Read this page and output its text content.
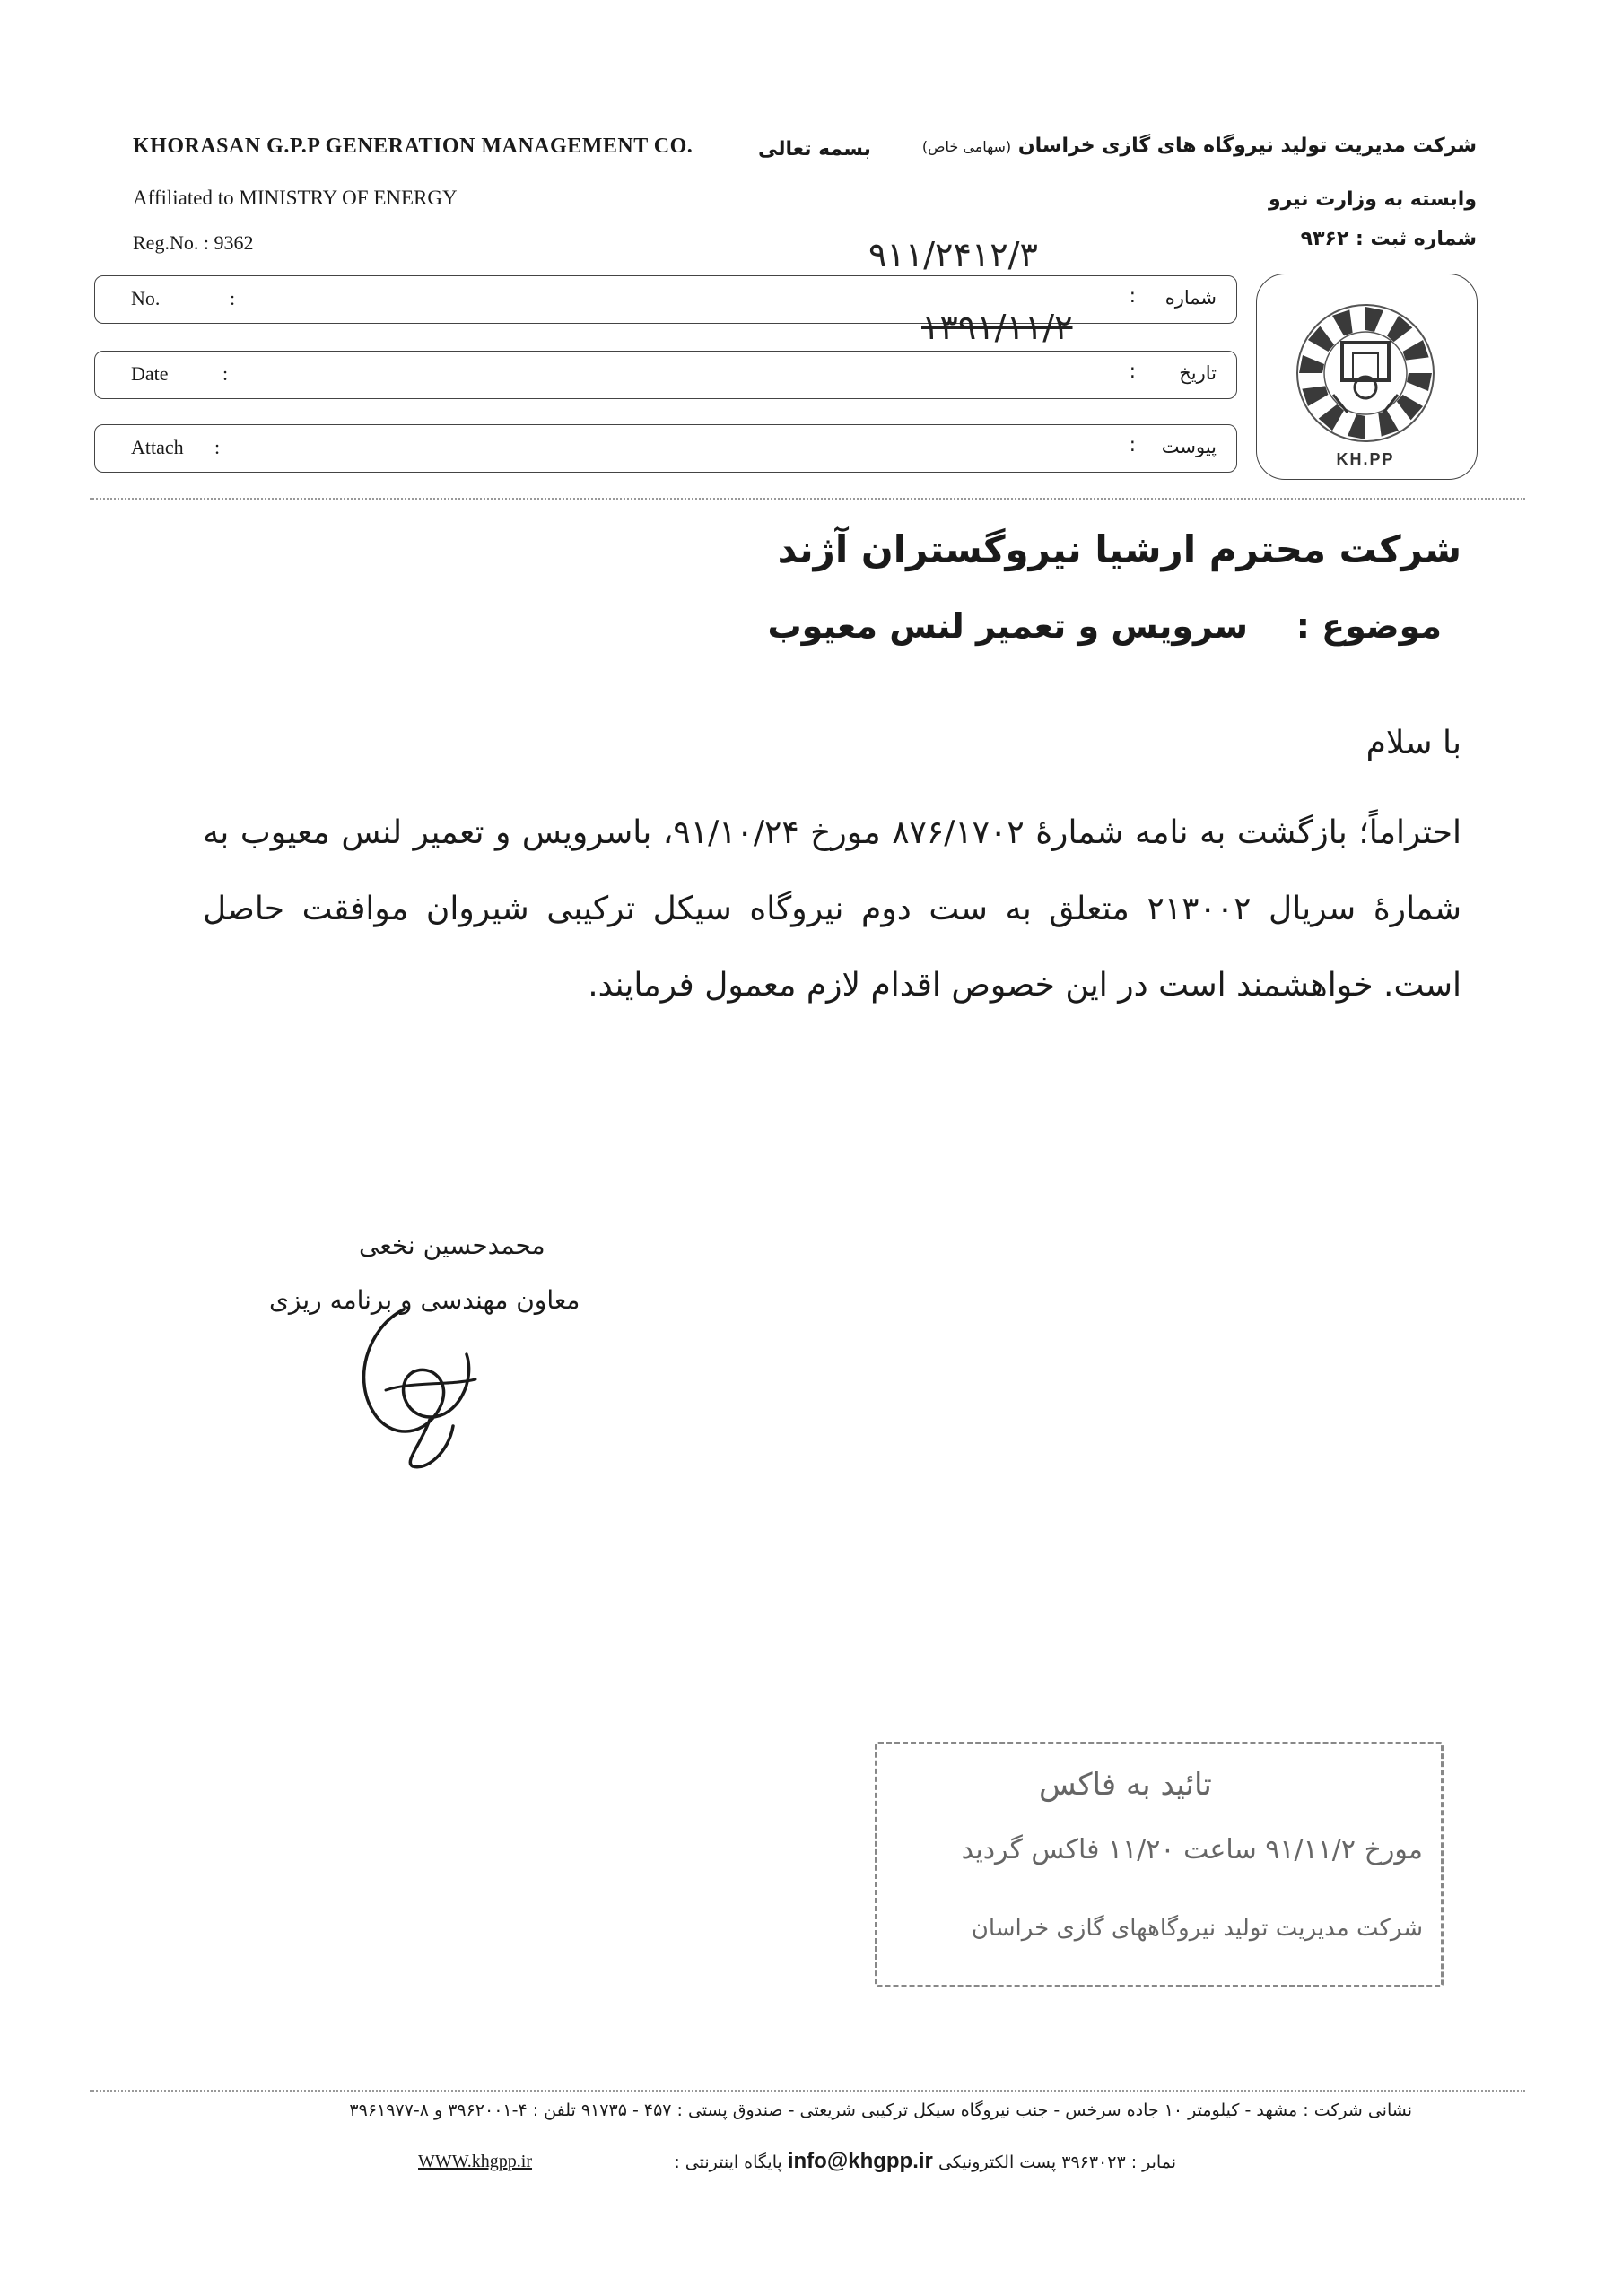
KHORASAN G.P.P GENERATION MANAGEMENT CO.
Affiliated to MINISTRY OF ENERGY
Reg.No. : 9362
بسمه تعالی	شرکت مدیریت تولید نیروگاه های گازی خراسان (سهامی خاص)
وابسته به وزارت نیرو
شماره ثبت : ۹۳۶۲
۹۱۱/۲۴۱۲/۳
No.	:	: شماره
۱۳۹۱/۱۱/۲
Date	:	: تاریخ
Attach :	: پیوست
KH.PP
شرکت محترم ارشیا نیروگستران آژند
موضوع :
سرویس و تعمیر لنس معیوب
با سلام
احتراماً؛ بازگشت به نامه شمارۀ ۸۷۶/۱۷۰۲ مورخ ۹۱/۱۰/۲۴، باسرویس و تعمیر لنس معیوب به شمارۀ سریال ۲۱۳۰۰۲ متعلق به ست دوم نیروگاه سیکل ترکیبی شیروان موافقت حاصل است. خواهشمند است در این خصوص اقدام لازم معمول فرمایند.
محمدحسین نخعی
معاون مهندسی و برنامه ریزی
تائید به فاکس
مورخ ۹۱/۱۱/۲ ساعت ۱۱/۲۰ فاکس گردید
شرکت مدیریت تولید نیروگاههای گازی خراسان
نشانی شرکت : مشهد - کیلومتر ۱۰ جاده سرخس - جنب نیروگاه سیکل ترکیبی شریعتی - صندوق پستی : ۴۵۷ - ۹۱۷۳۵ تلفن : ۴-۳۹۶۲۰۰۱ و ۸-۳۹۶۱۹۷۷
نمابر : ۳۹۶۳۰۲۳ پست الکترونیکی info@khgpp.ir پایگاه اینترنتی :
WWW.khgpp.ir
